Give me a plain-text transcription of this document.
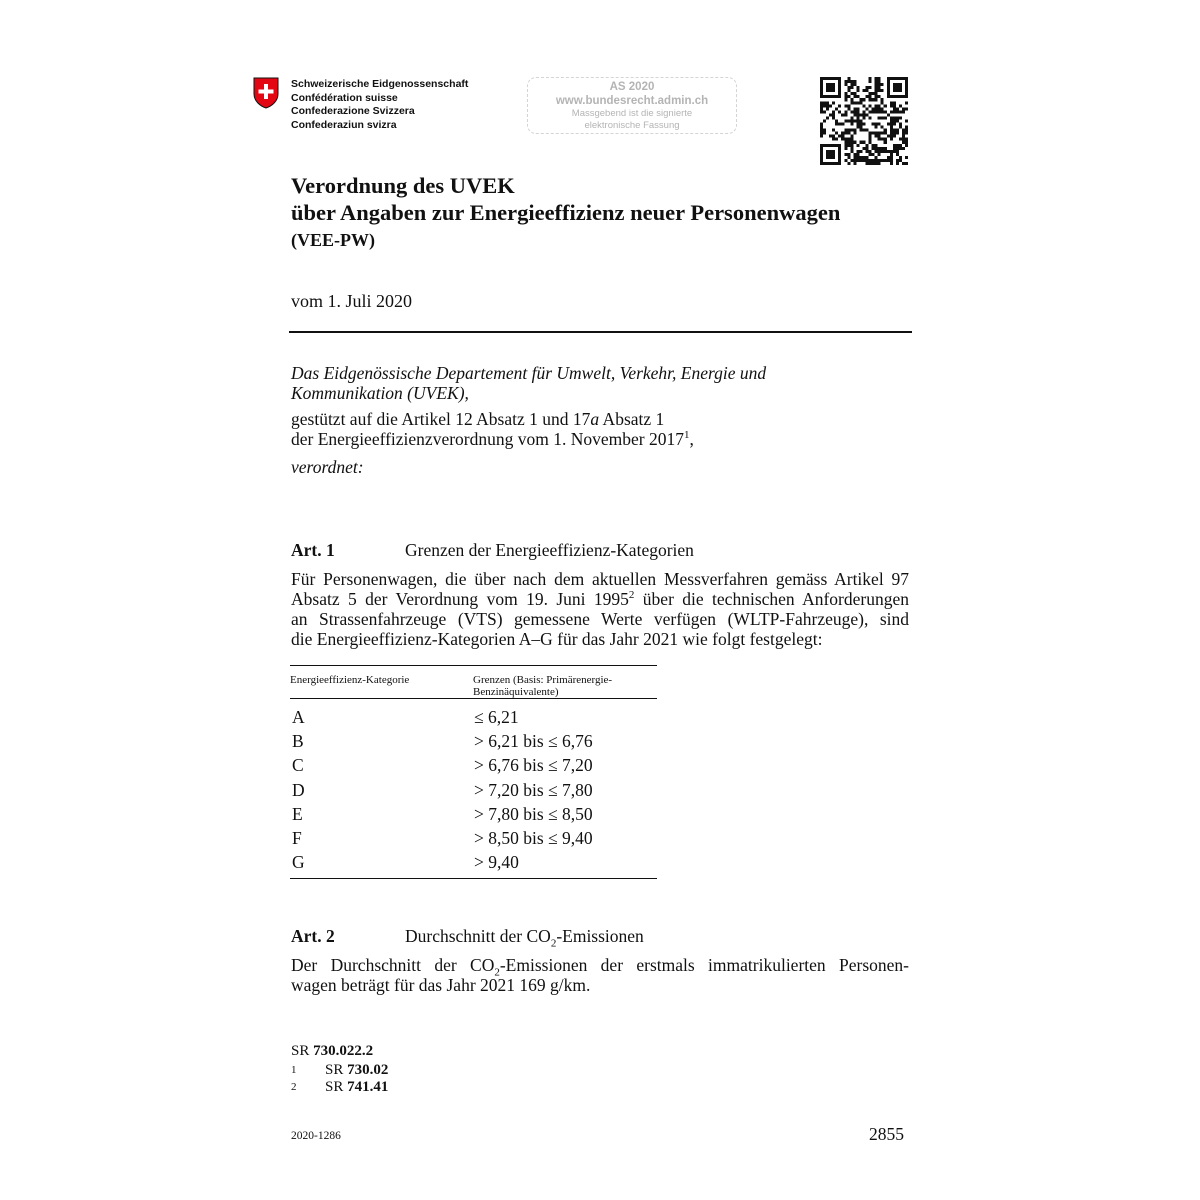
Schweizerische Eidgenossenschaft
Confédération suisse
Confederazione Svizzera
Confederaziun svizra
AS 2020
www.bundesrecht.admin.ch
Massgebend ist die signierte
elektronische Fassung
Verordnung des UVEK
über Angaben zur Energieeffizienz neuer Personenwagen
(VEE-PW)
vom 1. Juli 2020
Das Eidgenössische Departement für Umwelt, Verkehr, Energie und
Kommunikation (UVEK),
gestützt auf die Artikel 12 Absatz 1 und 17a Absatz 1
der Energieeffizienzverordnung vom 1. November 2017$^1$,
verordnet:
Art. 1	Grenzen der Energieeffizienz-Kategorien
Für Personenwagen, die über nach dem aktuellen Messverfahren gemäss Artikel 97
Absatz 5 der Verordnung vom 19. Juni 1995$^2$ über die technischen Anforderungen
an Strassenfahrzeuge (VTS) gemessene Werte verfügen (WLTP-Fahrzeuge), sind
die Energieeffizienz-Kategorien A–G für das Jahr 2021 wie folgt festgelegt:
Energieeffizienz-Kategorie	Grenzen (Basis: Primärenergie-
Benzinäquivalente)
A	≤ 6,21
B	> 6,21 bis ≤ 6,76
C	> 6,76 bis ≤ 7,20
D	> 7,20 bis ≤ 7,80
E	> 7,80 bis ≤ 8,50
F	> 8,50 bis ≤ 9,40
G	> 9,40
Art. 2	Durchschnitt der $CO_2$-Emissionen
Der Durchschnitt der $CO_2$-Emissionen der erstmals immatrikulierten Personen-
wagen beträgt für das Jahr 2021 169 g/km.
SR 730.022.2
1 SR 730.02
2 SR 741.41
2020-1286	2855
